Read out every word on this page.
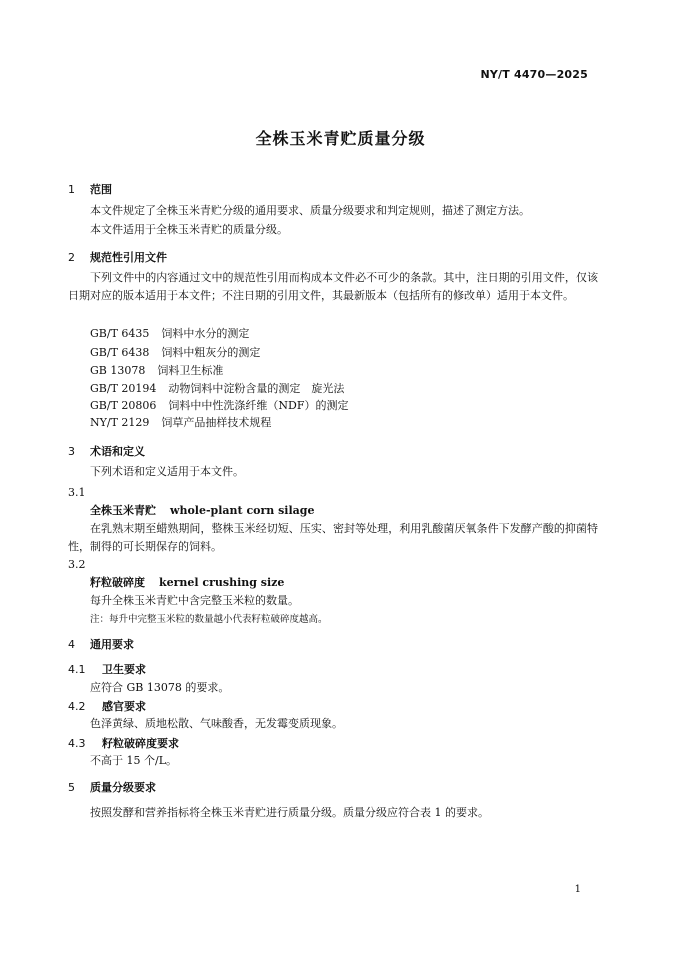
NY/T 4470—2025
全株玉米青贮质量分级
1 范围
本文件规定了全株玉米青贮分级的通用要求、质量分级要求和判定规则，描述了测定方法。
本文件适用于全株玉米青贮的质量分级。
2 规范性引用文件
下列文件中的内容通过文中的规范性引用而构成本文件必不可少的条款。其中，注日期的引用文件，仅该日期对应的版本适用于本文件；不注日期的引用文件，其最新版本（包括所有的修改单）适用于本文件。
GB/T 6435 饲料中水分的测定
GB/T 6438 饲料中粗灰分的测定
GB 13078 饲料卫生标准
GB/T 20194 动物饲料中淀粉含量的测定　旋光法
GB/T 20806 饲料中中性洗涤纤维（NDF）的测定
NY/T 2129 饲草产品抽样技术规程
3 术语和定义
下列术语和定义适用于本文件。
3.1
全株玉米青贮 whole-plant corn silage
在乳熟末期至蜡熟期间，整株玉米经切短、压实、密封等处理，利用乳酸菌厌氧条件下发酵产酸的抑菌特性，制得的可长期保存的饲料。
3.2
籽粒破碎度 kernel crushing size
每升全株玉米青贮中含完整玉米粒的数量。
注：每升中完整玉米粒的数量越小代表籽粒破碎度越高。
4 通用要求
4.1 卫生要求
应符合 GB 13078 的要求。
4.2 感官要求
色泽黄绿、质地松散、气味酸香，无发霉变质现象。
4.3 籽粒破碎度要求
不高于 15 个/L。
5 质量分级要求
按照发酵和营养指标将全株玉米青贮进行质量分级。质量分级应符合表 1 的要求。
1
